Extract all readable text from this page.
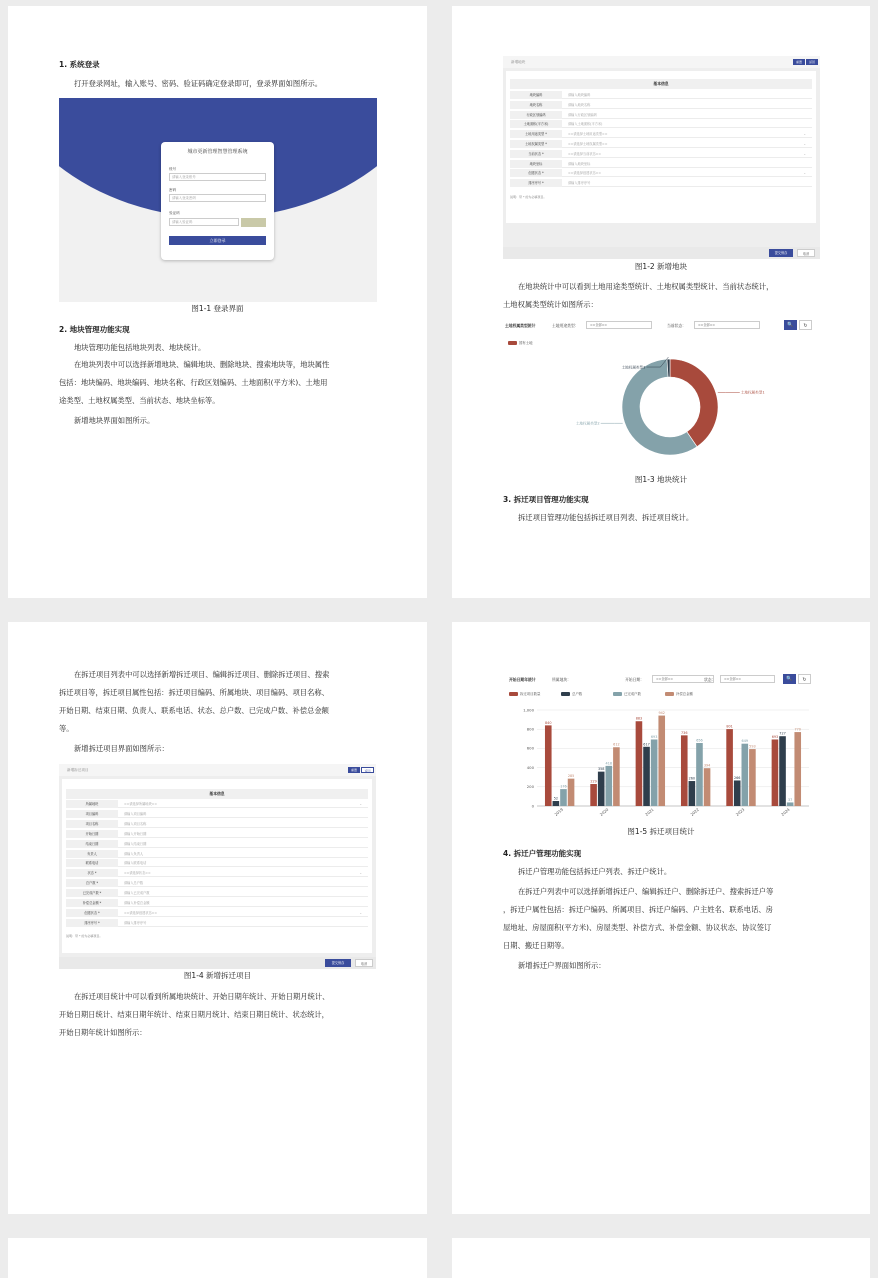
1. 系统登录
打开登录网址，输入账号、密码、验证码确定登录即可，登录界面如图所示。
城市更新管理智慧管理系统
账号
请输入登录账号
密码
请输入登录密码
验证码
请输入验证码
立即登录
图1-1 登录界面
2. 地块管理功能实现
地块管理功能包括地块列表、地块统计。
在地块列表中可以选择新增地块、编辑地块、删除地块、搜索地块等，地块属性
包括：地块编码、地块编码、地块名称、行政区划编码、土地面积(平方米)、土地用
途类型、土地权属类型、当前状态、地块坐标等。
新增地块界面如图所示。
新增地块	重置	返回
基本信息
地块编码	请输入地块编码
地块名称	请输入地块名称
行政区划编码	请输入行政区划编码
土地面积(平方米)	请输入土地面积(平方米)
土地用途类型 *	==请选择土地用途类型==	⌄
土地权属类型 *	==请选择土地权属类型==	⌄
当前状态 *	==请选择当前状态==	⌄
地块坐标	请输入地块坐标
创建状态 *	==请选择创建状态==	⌄
排序序号 *	请输入排序序号
说明：带 * 的为必填项目。
提交保存	取消
图1-2 新增地块
在地块统计中可以看到土地用途类型统计、土地权属类型统计、当前状态统计，
土地权属类型统计如图所示：
土地权属类型统计	土地用途类型：	==全部==	当前状态：	==全部==	🔍	↻
国有土地
土地权属类型1
土地权属类型2
土地权属类型3
图1-3 地块统计
3. 拆迁项目管理功能实现
拆迁项目管理功能包括拆迁项目列表、拆迁项目统计。
在拆迁项目列表中可以选择新增拆迁项目、编辑拆迁项目、删除拆迁项目、搜索
拆迁项目等，拆迁项目属性包括：拆迁项目编码、所属地块、项目编码、项目名称、
开始日期、结束日期、负责人、联系电话、状态、总户数、已完成户数、补偿总金额
等。
新增拆迁项目界面如图所示：
新增拆迁项目	重置	返回
基本信息
所属地块	==请选择所属地块==	⌄
项目编码	请输入项目编码
项目名称	请输入项目名称
开始日期	请输入开始日期
结束日期	请输入结束日期
负责人	请输入负责人
联系电话	请输入联系电话
状态 *	==请选择状态==	⌄
总户数 *	请输入总户数
已完成户数 *	请输入已完成户数
补偿总金额 *	请输入补偿总金额
创建状态 *	==请选择创建状态==	⌄
排序序号 *	请输入排序序号
说明：带 * 的为必填项目。
提交保存	取消
图1-4 新增拆迁项目
在拆迁项目统计中可以看到所属地块统计、开始日期年统计、开始日期月统计、
开始日期日统计、结束日期年统计、结束日期月统计、结束日期日统计、状态统计，
开始日期年统计如图所示：
开始日期年统计	所属地块：	开始日期：	==全部==	状态：	==全部==	🔍	↻
拆迁项目数量	总户数	已完成户数	补偿总金额
0
200
400
600
800
1,000
840
52
176
285
2019
229
358
418
612
2020
883
617
693
942
2021
736
260
656
394
2022
801
266
649
593
2023
693
727
37
770
2024
图1-5 拆迁项目统计
4. 拆迁户管理功能实现
拆迁户管理功能包括拆迁户列表、拆迁户统计。
在拆迁户列表中可以选择新增拆迁户、编辑拆迁户、删除拆迁户、搜索拆迁户等
，拆迁户属性包括：拆迁户编码、所属项目、拆迁户编码、户主姓名、联系电话、房
屋地址、房屋面积(平方米)、房屋类型、补偿方式、补偿金额、协议状态、协议签订
日期、搬迁日期等。
新增拆迁户界面如图所示：
